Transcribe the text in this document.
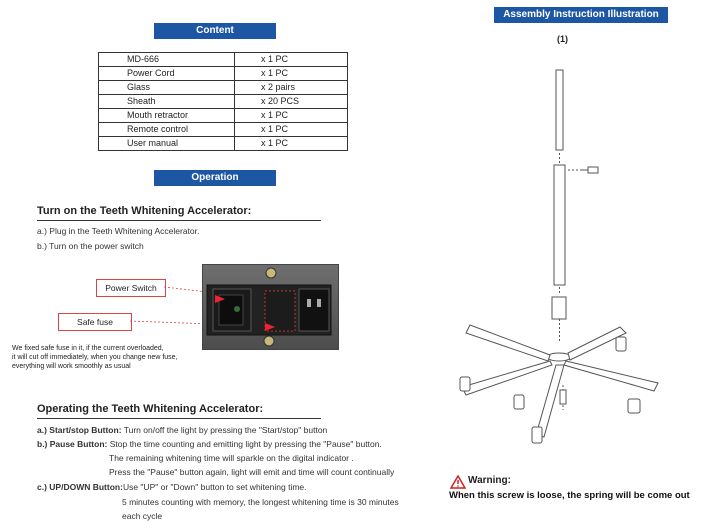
Content
Assembly Instruction Illustration
Operation
(1)
MD-666	x 1 PC
Power Cord	x 1 PC
Glass	x 2 pairs
Sheath	x 20 PCS
Mouth retractor	x 1 PC
Remote control	x 1 PC
User manual	x 1 PC
Turn on the Teeth Whitening Accelerator:
a.) Plug in the Teeth Whitening Accelerator.
b.) Turn on the power switch
Power Switch
Safe fuse
We fixed safe fuse in it, if the current overloaded,
it will cut off immediately, when you change new fuse,
everything will work smoothly as usual
Operating the Teeth Whitening Accelerator:
a.) Start/stop Button: Turn on/off the light by pressing the "Start/stop" button
b.) Pause Button: Stop the time counting and emitting light by pressing the "Pause" button.
The remaining whitening time will sparkle on the digital indicator .
Press the "Pause" button again, light will emit and time will count continually
c.) UP/DOWN Button:Use "UP" or "Down" button to set whitening time.
5 minutes counting with memory, the longest whitening time is 30 minutes
each cycle
Warning:
When this screw is loose, the spring will be come out
